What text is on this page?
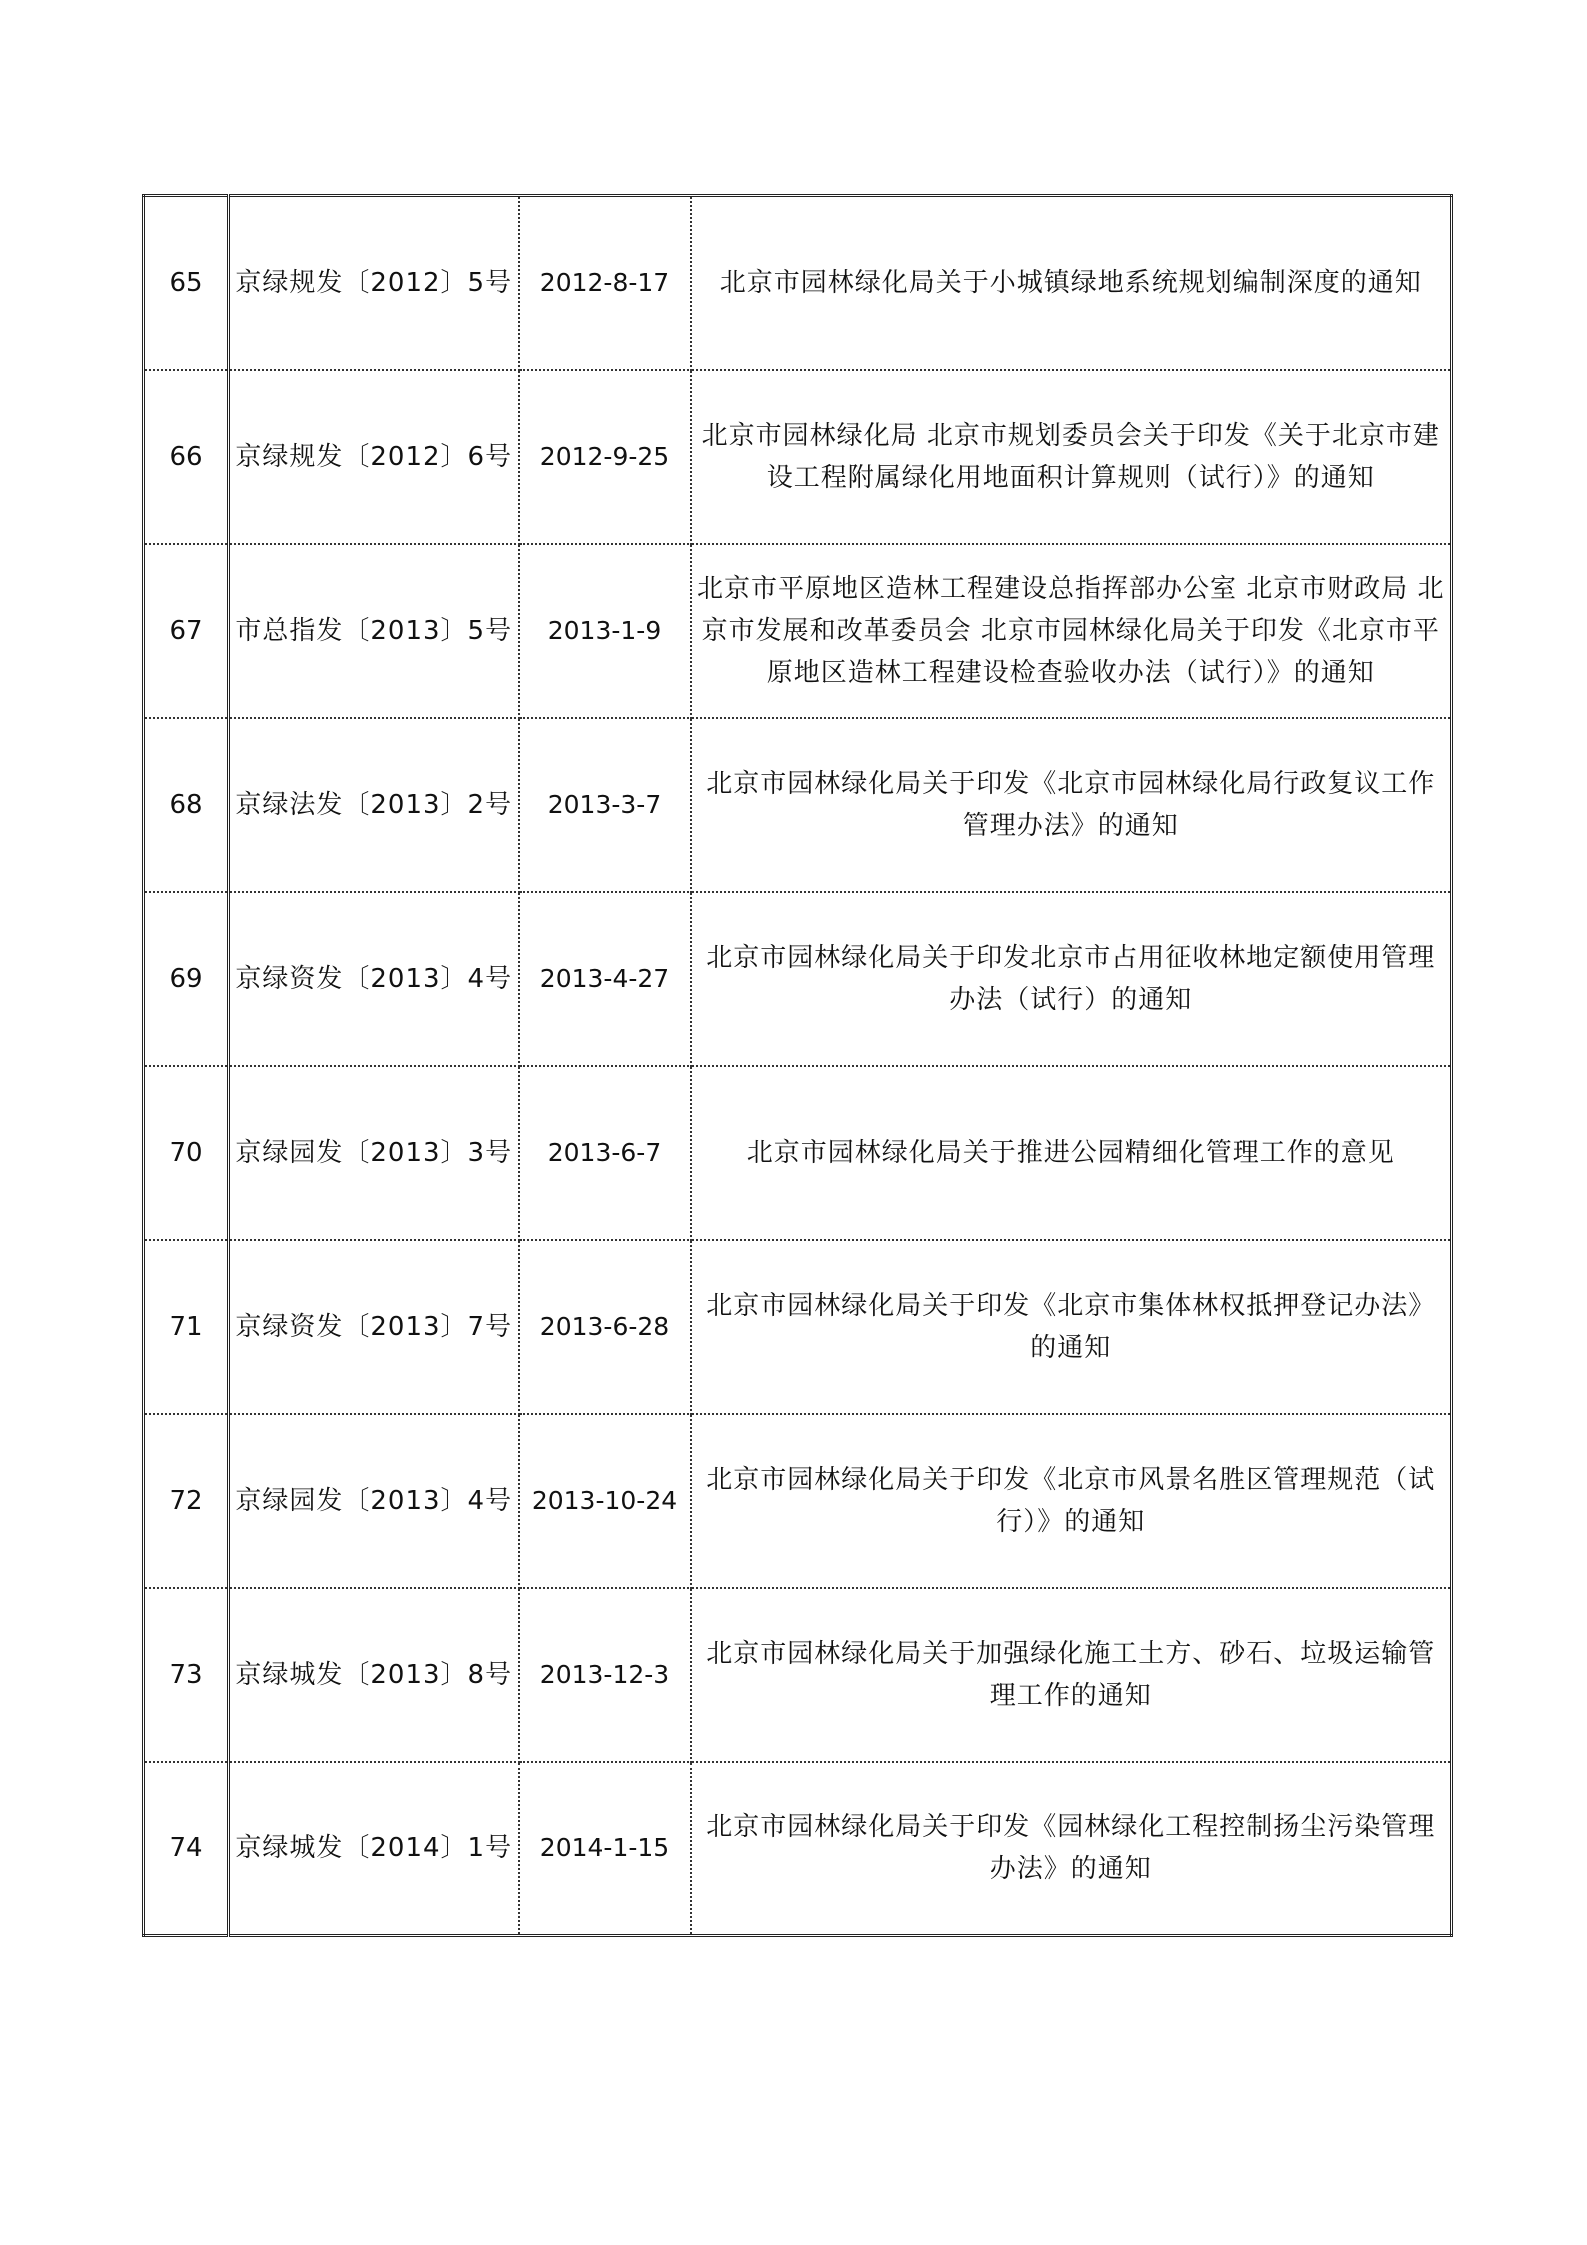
65	京绿规发〔2012〕5号	2012-8-17	北京市园林绿化局关于小城镇绿地系统规划编制深度的通知
66	京绿规发〔2012〕6号	2012-9-25	北京市园林绿化局 北京市规划委员会关于印发《关于北京市建设工程附属绿化用地面积计算规则（试行）》的通知
67	市总指发〔2013〕5号	2013-1-9	北京市平原地区造林工程建设总指挥部办公室 北京市财政局 北京市发展和改革委员会 北京市园林绿化局关于印发《北京市平原地区造林工程建设检查验收办法（试行）》的通知
68	京绿法发〔2013〕2号	2013-3-7	北京市园林绿化局关于印发《北京市园林绿化局行政复议工作管理办法》的通知
69	京绿资发〔2013〕4号	2013-4-27	北京市园林绿化局关于印发北京市占用征收林地定额使用管理办法（试行）的通知
70	京绿园发〔2013〕3号	2013-6-7	北京市园林绿化局关于推进公园精细化管理工作的意见
71	京绿资发〔2013〕7号	2013-6-28	北京市园林绿化局关于印发《北京市集体林权抵押登记办法》的通知
72	京绿园发〔2013〕4号	2013-10-24	北京市园林绿化局关于印发《北京市风景名胜区管理规范（试行）》的通知
73	京绿城发〔2013〕8号	2013-12-3	北京市园林绿化局关于加强绿化施工土方、砂石、垃圾运输管理工作的通知
74	京绿城发〔2014〕1号	2014-1-15	北京市园林绿化局关于印发《园林绿化工程控制扬尘污染管理办法》的通知
